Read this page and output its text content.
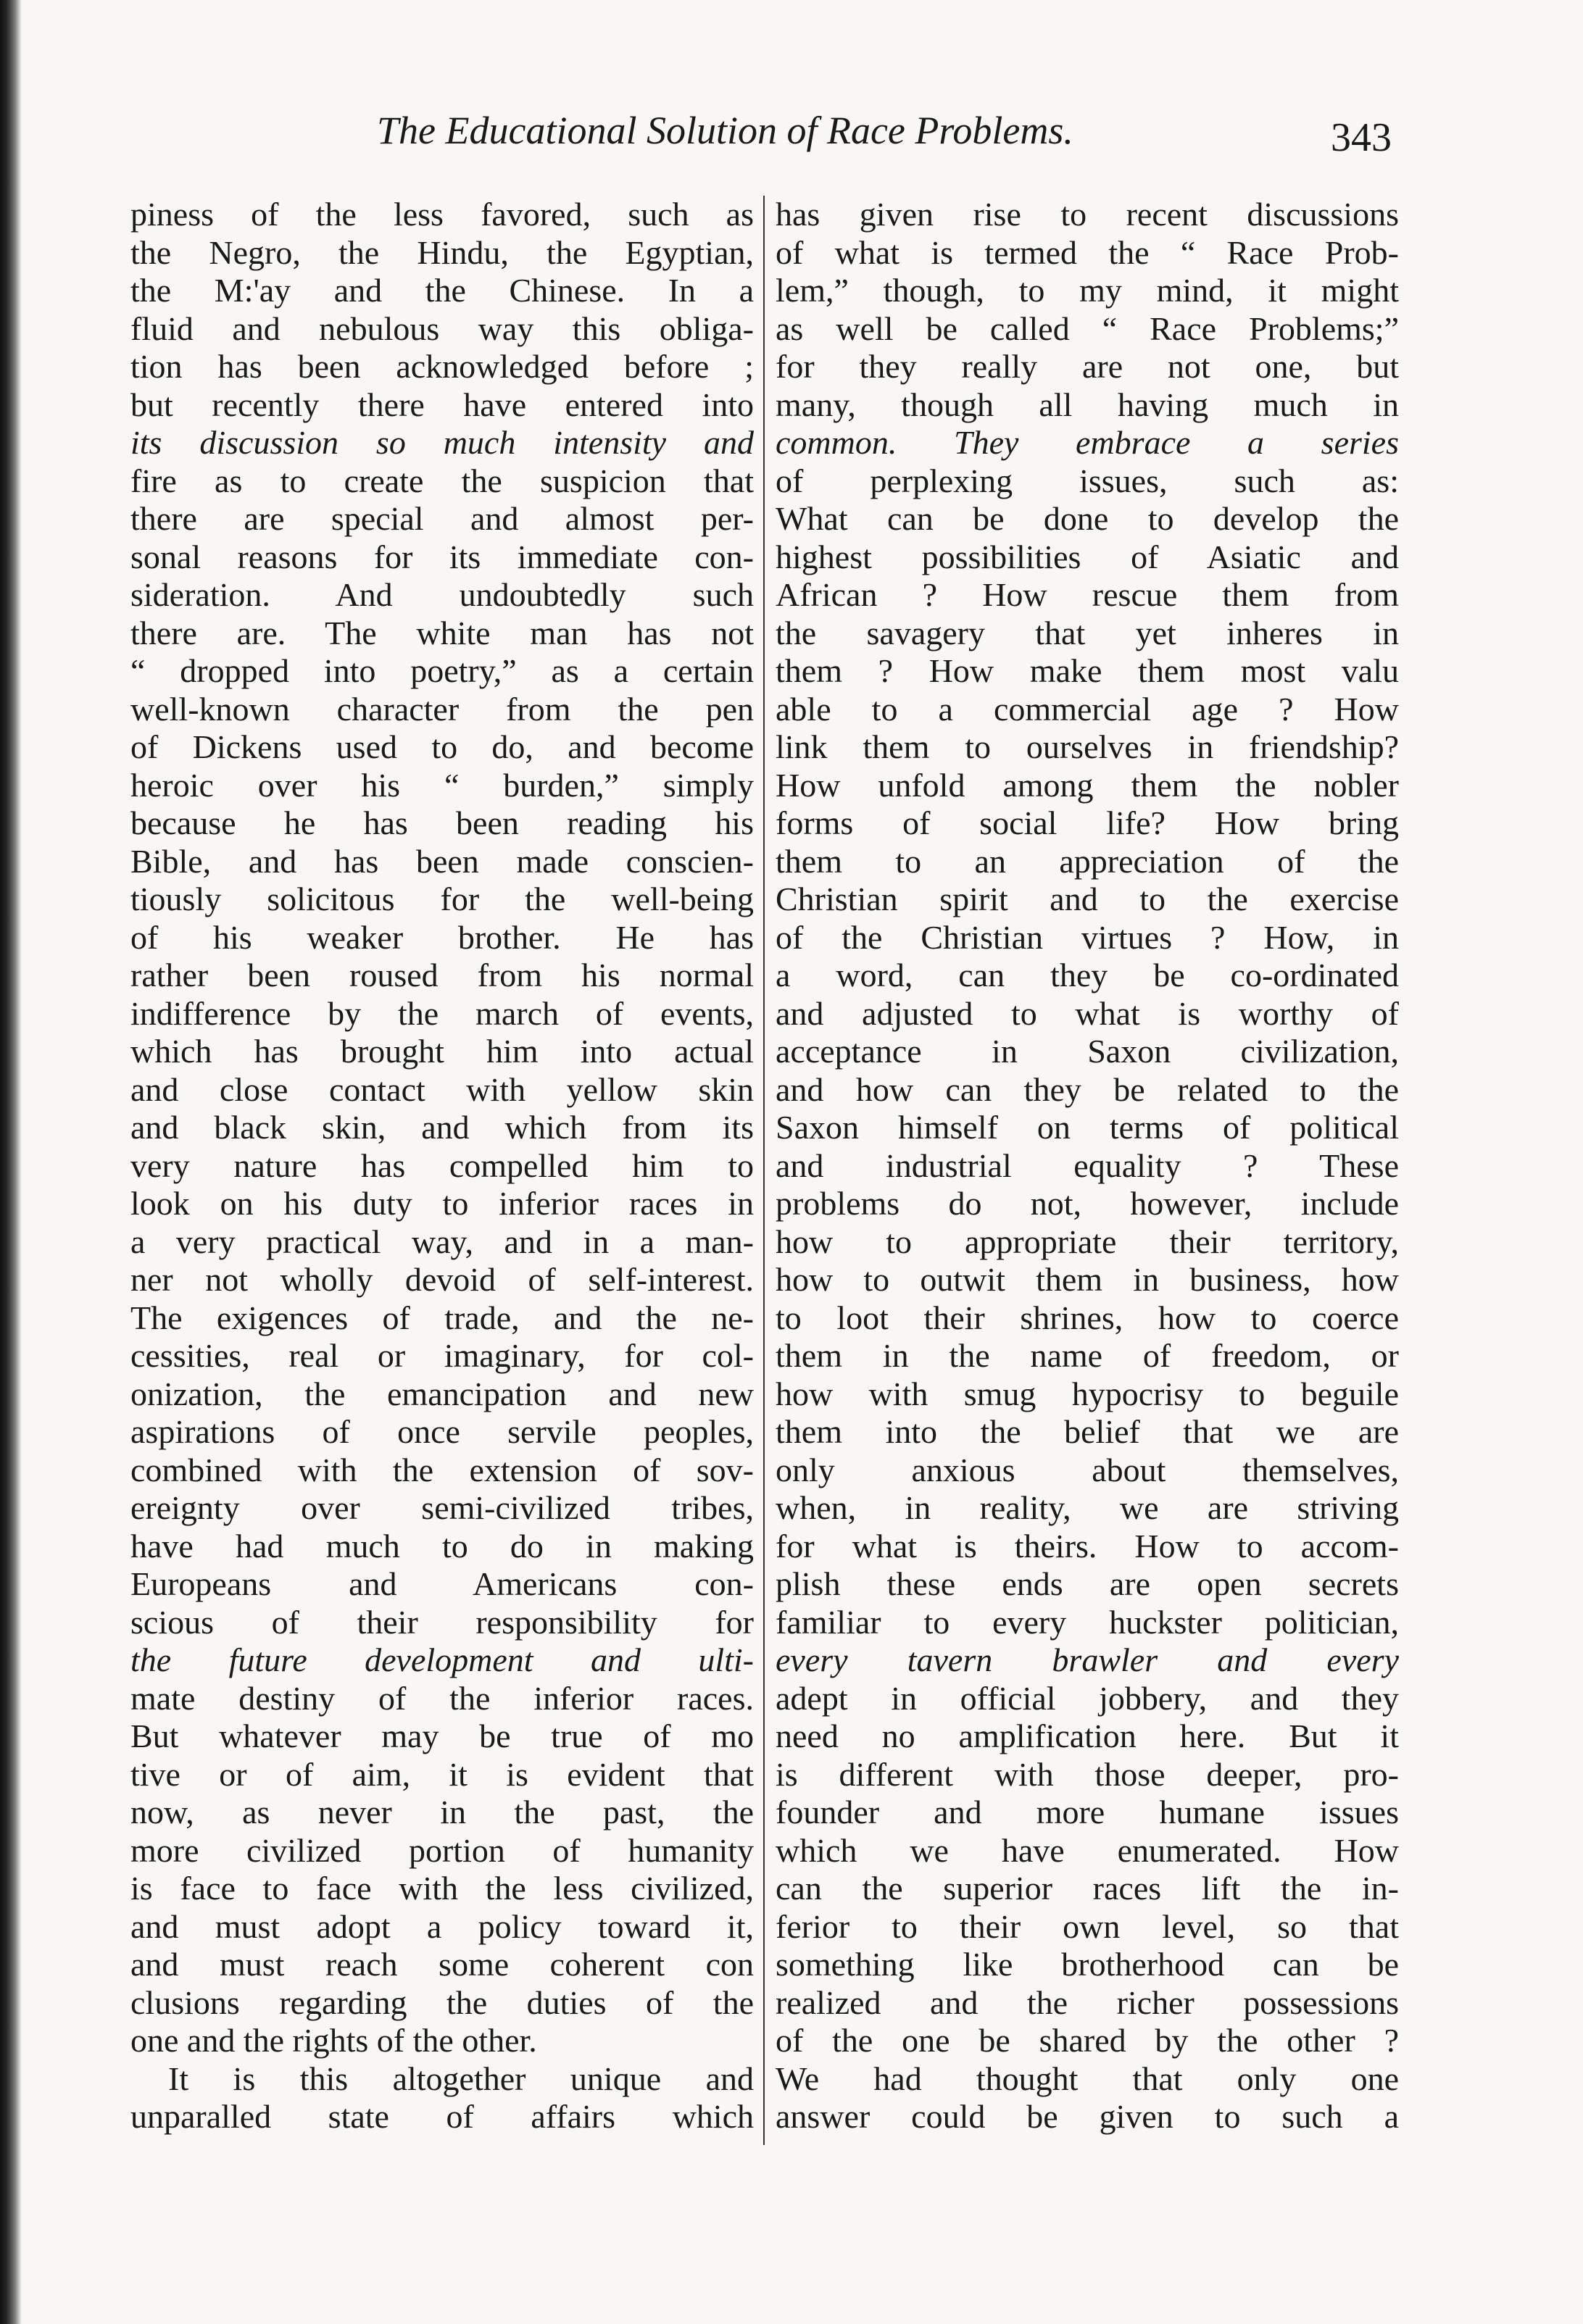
The Educational Solution of Race Problems.	343
piness of the less favored, such as
the Negro, the Hindu, the Egyptian,
the M:'ay and the Chinese. In a
fluid and nebulous way this obliga-
tion has been acknowledged before ;
but recently there have entered into
its discussion so much intensity and
fire as to create the suspicion that
there are special and almost per-
sonal reasons for its immediate con-
sideration. And undoubtedly such
there are. The white man has not
“ dropped into poetry,” as a certain
well-known character from the pen
of Dickens used to do, and become
heroic over his “ burden,” simply
because he has been reading his
Bible, and has been made conscien-
tiously solicitous for the well-being
of his weaker brother. He has
rather been roused from his normal
indifference by the march of events,
which has brought him into actual
and close contact with yellow skin
and black skin, and which from its
very nature has compelled him to
look on his duty to inferior races in
a very practical way, and in a man-
ner not wholly devoid of self-interest.
The exigences of trade, and the ne-
cessities, real or imaginary, for col-
onization, the emancipation and new
aspirations of once servile peoples,
combined with the extension of sov-
ereignty over semi-civilized tribes,
have had much to do in making
Europeans and Americans con-
scious of their responsibility for
the future development and ulti-
mate destiny of the inferior races.
But whatever may be true of mo
tive or of aim, it is evident that
now, as never in the past, the
more civilized portion of humanity
is face to face with the less civilized,
and must adopt a policy toward it,
and must reach some coherent con
clusions regarding the duties of the
one and the rights of the other.
It is this altogether unique and
unparalled state of affairs which
has given rise to recent discussions
of what is termed the “ Race Prob-
lem,” though, to my mind, it might
as well be called “ Race Problems;”
for they really are not one, but
many, though all having much in
common. They embrace a series
of perplexing issues, such as:
What can be done to develop the
highest possibilities of Asiatic and
African ? How rescue them from
the savagery that yet inheres in
them ? How make them most valu
able to a commercial age ? How
link them to ourselves in friendship?
How unfold among them the nobler
forms of social life? How bring
them to an appreciation of the
Christian spirit and to the exercise
of the Christian virtues ? How, in
a word, can they be co-ordinated
and adjusted to what is worthy of
acceptance in Saxon civilization,
and how can they be related to the
Saxon himself on terms of political
and industrial equality ? These
problems do not, however, include
how to appropriate their territory,
how to outwit them in business, how
to loot their shrines, how to coerce
them in the name of freedom, or
how with smug hypocrisy to beguile
them into the belief that we are
only anxious about themselves,
when, in reality, we are striving
for what is theirs. How to accom-
plish these ends are open secrets
familiar to every huckster politician,
every tavern brawler and every
adept in official jobbery, and they
need no amplification here. But it
is different with those deeper, pro-
founder and more humane issues
which we have enumerated. How
can the superior races lift the in-
ferior to their own level, so that
something like brotherhood can be
realized and the richer possessions
of the one be shared by the other ?
We had thought that only one
answer could be given to such a
